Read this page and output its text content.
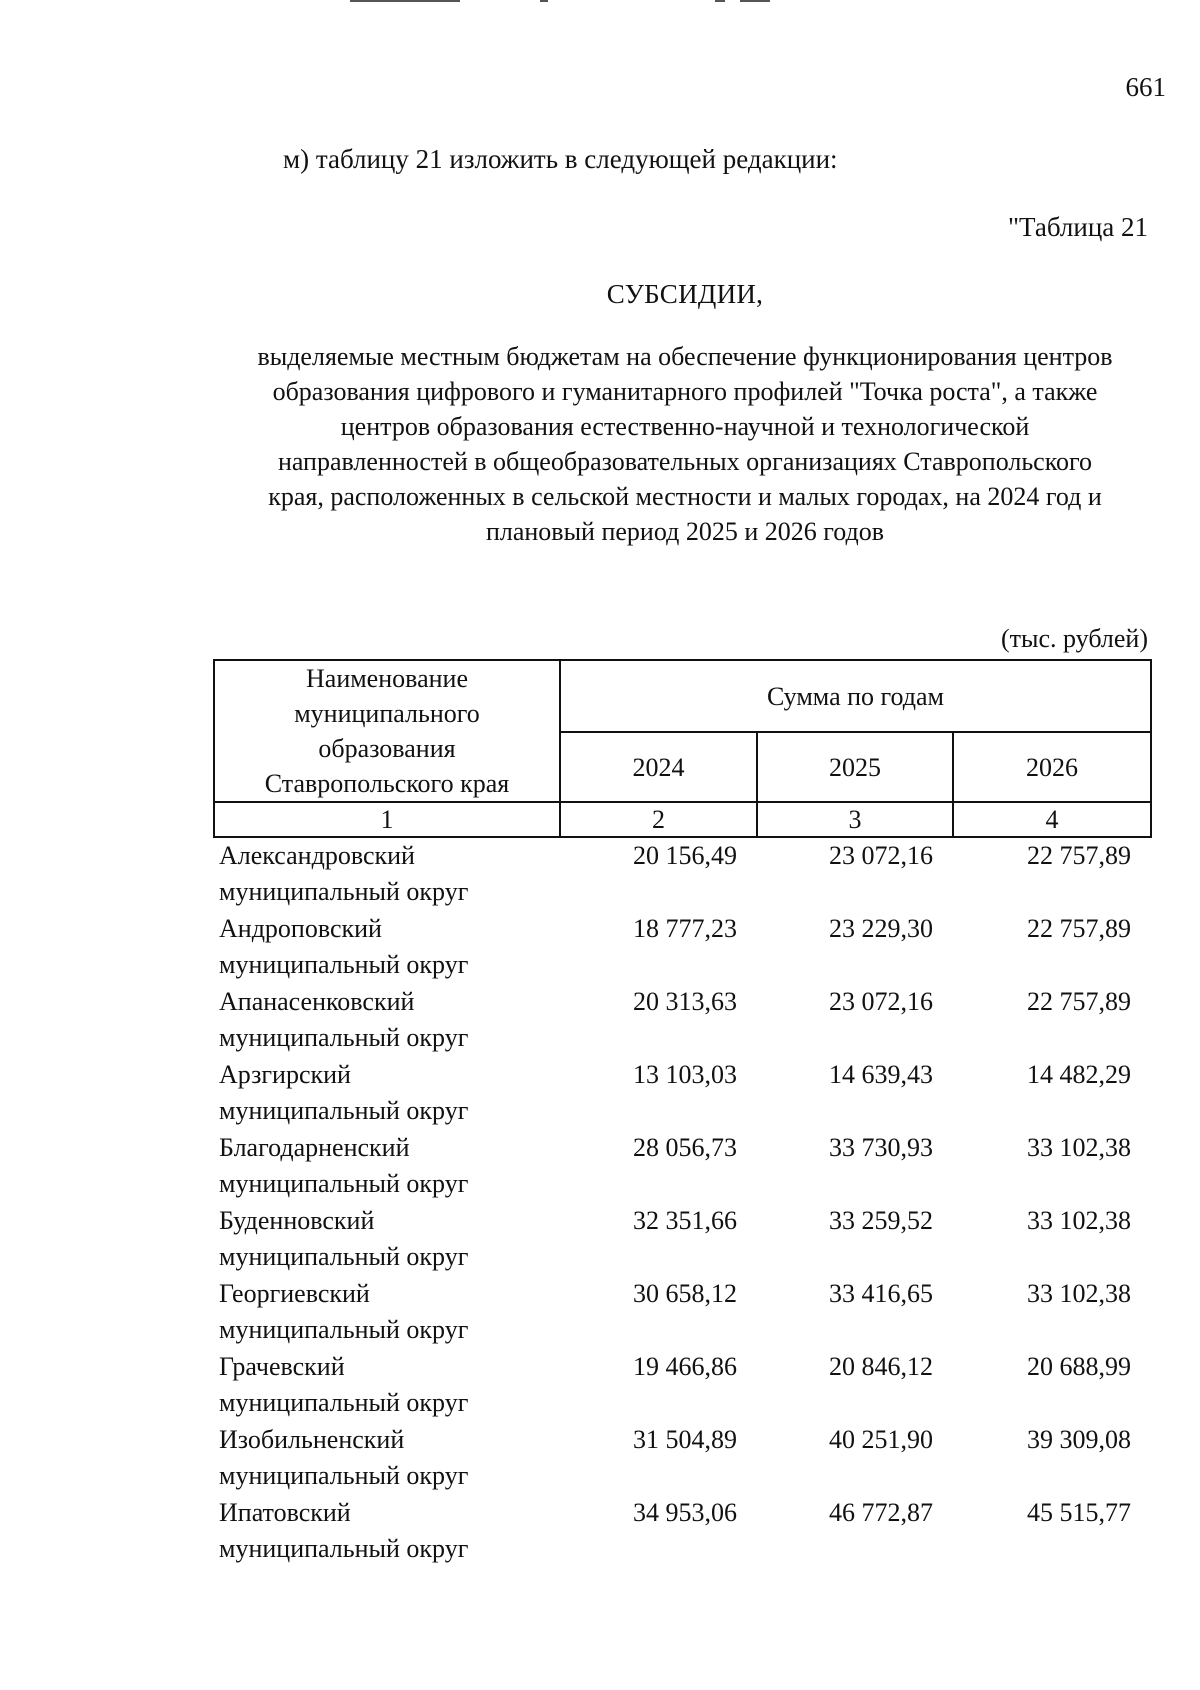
661
м) таблицу 21 изложить в следующей редакции:
"Таблица 21
СУБСИДИИ,
выделяемые местным бюджетам на обеспечение функционирования центров
образования цифрового и гуманитарного профилей "Точка роста", а также
центров образования естественно-научной и технологической
направленностей в общеобразовательных организациях Ставропольского
края, расположенных в сельской местности и малых городах, на 2024 год и
плановый период 2025 и 2026 годов
(тыс. рублей)
Наименование
муниципального
образования
Ставропольского края	Сумма по годам		
	2024	2025	2026
1	2	3	4

Александровский
муниципальный округ	20 156,49	23 072,16	22 757,89

Андроповский
муниципальный округ	18 777,23	23 229,30	22 757,89

Апанасенковский
муниципальный округ	20 313,63	23 072,16	22 757,89

Арзгирский
муниципальный округ	13 103,03	14 639,43	14 482,29

Благодарненский
муниципальный округ	28 056,73	33 730,93	33 102,38

Буденновский
муниципальный округ	32 351,66	33 259,52	33 102,38

Георгиевский
муниципальный округ	30 658,12	33 416,65	33 102,38

Грачевский
муниципальный округ	19 466,86	20 846,12	20 688,99

Изобильненский
муниципальный округ	31 504,89	40 251,90	39 309,08

Ипатовский
муниципальный округ	34 953,06	46 772,87	45 515,77
